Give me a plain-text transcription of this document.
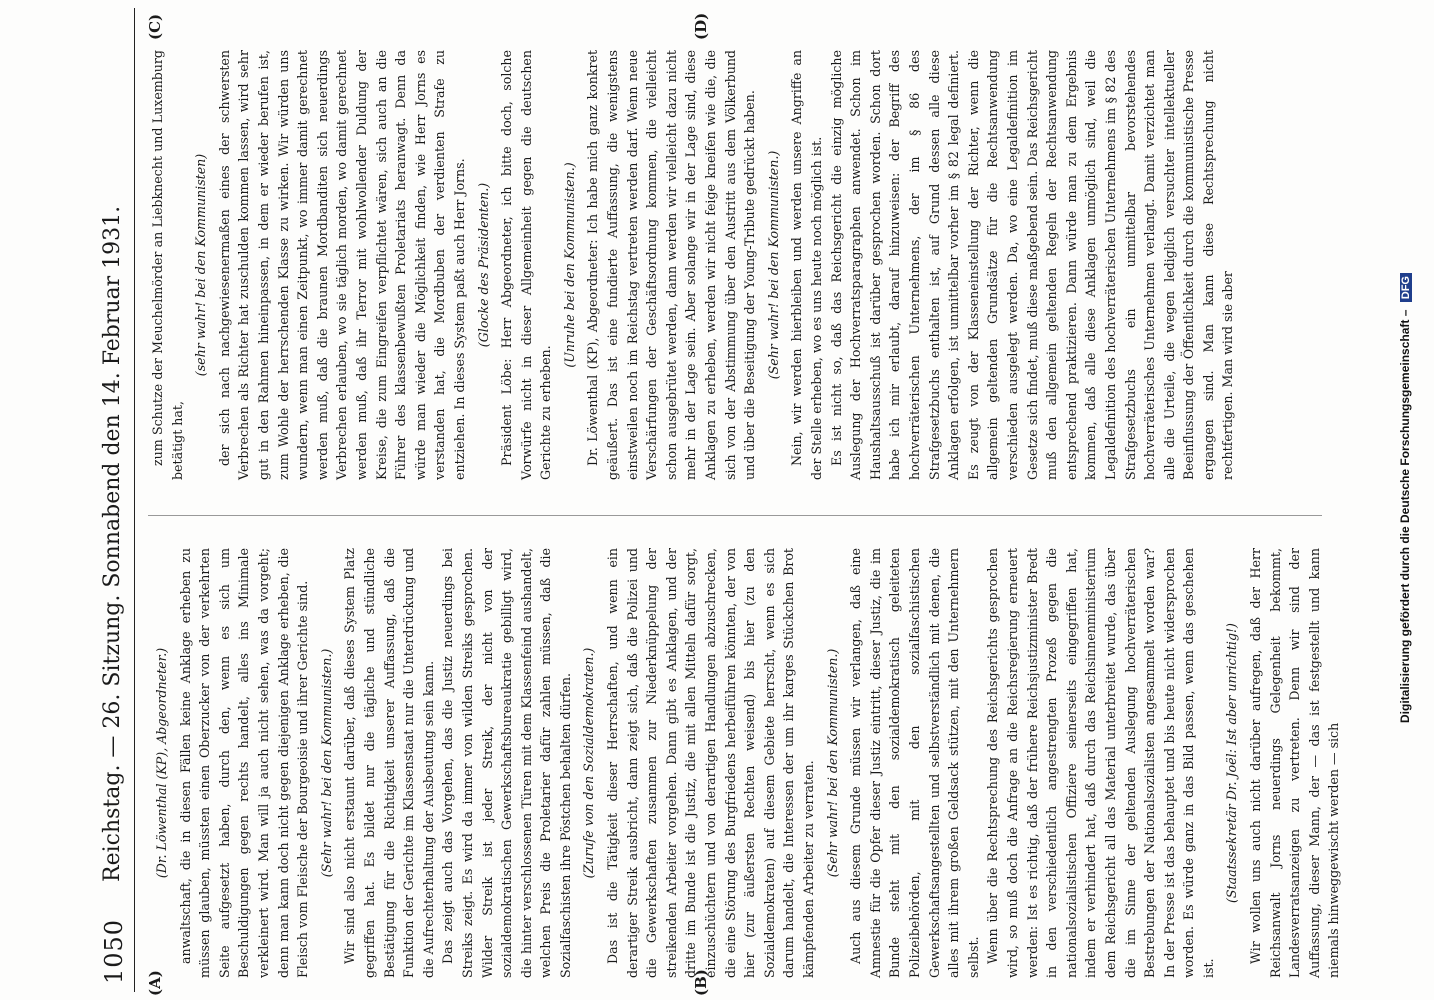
1050
Reichstag. — 26. Sitzung. Sonnabend den 14. Februar 1931.
(A)	(B)
(C)	(D)

(Dr. Löwenthal (KP), Abgeordneter.) anwaltschaft, die in diesen Fällen keine Anklage erheben zu müssen glauben, müssten einen Oberzucker von der verkehrten Seite aufgesetzt haben, durch den, wenn es sich um Beschuldigungen gegen rechts handelt, alles ins Minimale verkleinert wird. Man will ja auch nicht sehen, was da vorgeht; denn man kann doch nicht gegen diejenigen Anklage erheben, die Fleisch vom Fleische der Bourgeoisie und ihrer Gerichte sind. (Sehr wahr! bei den Kommunisten.) Wir sind also nicht erstaunt darüber, daß dieses System Platz gegriffen hat. Es bildet nur die tägliche und stündliche Bestätigung für die Richtigkeit unserer Auffassung, daß die Funktion der Gerichte im Klassenstaat nur die Unterdrückung und die Aufrechterhaltung der Ausbeutung sein kann. Das zeigt auch das Vorgehen, das die Justiz neuerdings bei Streiks zeigt. Es wird da immer von wilden Streiks gesprochen. Wilder Streik ist jeder Streik, der nicht von der sozialdemokratischen Gewerkschaftsbureaukratie gebilligt wird, die hinter verschlossenen Türen mit dem Klassenfeind aushandelt, welchen Preis die Proletarier dafür zahlen müssen, daß die Sozialfaschisten ihre Pöstchen behalten dürfen. (Zurufe von den Sozialdemokraten.) Das ist die Tätigkeit dieser Herrschaften, und wenn ein derartiger Streik ausbricht, dann zeigt sich, daß die Polizei und die Gewerkschaften zusammen zur Niederknüppelung der streikenden Arbeiter vorgehen. Dann gibt es Anklagen, und der dritte im Bunde ist die Justiz, die mit allen Mitteln dafür sorgt, einzuschüchtern und von derartigen Handlungen abzuschrecken, die eine Störung des Burgfriedens herbeiführen könnten, der von hier (zur äußersten Rechten weisend) bis hier (zu den Sozialdemokraten) auf diesem Gebiete herrscht, wenn es sich darum handelt, die Interessen der um ihr karges Stückchen Brot kämpfenden Arbeiter zu verraten. (Sehr wahr! bei den Kommunisten.) Auch aus diesem Grunde müssen wir verlangen, daß eine Amnestie für die Opfer dieser Justiz eintritt, dieser Justiz, die im Bunde steht mit den sozialdemokratisch geleiteten Polizeibehörden, mit den sozialfaschistischen Gewerkschaftsangestellten und selbstverständlich mit denen, die alles mit ihrem großen Geldsack stützen, mit den Unternehmern selbst. Wenn über die Rechtsprechung des Reichsgerichts gesprochen wird, so muß doch die Anfrage an die Reichsregierung erneuert werden: Ist es richtig, daß der frühere Reichsjustizminister Bredt in den verschiedentlich angestrengten Prozeß gegen die nationalsozialistischen Offiziere seinerseits eingegriffen hat, indem er verhindert hat, daß durch das Reichsinnenministerium dem Reichsgericht all das Material unterbreitet wurde, das über die im Sinne der geltenden Auslegung hochverräterischen Bestrebungen der Nationalsozialisten angesammelt worden war? In der Presse ist das behauptet und bis heute nicht widersprochen worden. Es würde ganz in das Bild passen, wenn das geschehen ist.

(Staatssekretär Dr. Joël: Ist aber unrichtig!) Wir wollen uns auch nicht darüber aufregen, daß der Herr Reichsanwalt Jorns neuerdings Gelegenheit bekommt, Landesverratsanzeigen zu vertreten. Denn wir sind der Auffassung, dieser Mann, der — das ist festgestellt und kann niemals hinweggewischt werden — sich

zum Schutze der Meuchelmörder an Liebknecht und Luxemburg betätigt hat,

(sehr wahr! bei den Kommunisten) der sich nach nachgewiesenermaßen eines der schwersten Verbrechen als Richter hat zuschulden kommen lassen, wird sehr gut in den Rahmen hineinpassen, in dem er wieder berufen ist, zum Wohle der herrschenden Klasse zu wirken. Wir würden uns wundern, wenn man einen Zeitpunkt, wo immer damit gerechnet werden muß, daß die braunen Mordbanditen sich neuerdings Verbrechen erlauben, wo sie täglich morden, wo damit gerechnet werden muß, daß ihr Terror mit wohlwollender Duldung der Kreise, die zum Eingreifen verpflichtet wären, sich auch an die Führer des klassenbewußten Proletariats heranwagt. Denn da würde man wieder die Möglichkeit finden, wie Herr Jorns es verstanden hat, die Mordbuben der verdienten Strafe zu entziehen. In dieses System paßt auch Herr Jorns. (Glocke des Präsidenten.) Präsident Löbe: Herr Abgeordneter, ich bitte doch, solche Vorwürfe nicht in dieser Allgemeinheit gegen die deutschen Gerichte zu erheben.

(Unruhe bei den Kommunisten.) Dr. Löwenthal (KP), Abgeordneter: Ich habe mich ganz konkret geäußert. Das ist eine fundierte Auffassung, die wenigstens einstweilen noch im Reichstag vertreten werden darf. Wenn neue Verschärfungen der Geschäftsordnung kommen, die vielleicht schon ausgebrütet werden, dann werden wir vielleicht dazu nicht mehr in der Lage sein. Aber solange wir in der Lage sind, diese Anklagen zu erheben, werden wir nicht feige kneifen wie die, die sich von der Abstimmung über den Austritt aus dem Völkerbund und über die Beseitigung der Young-Tribute gedrückt haben. (Sehr wahr! bei den Kommunisten.) Nein, wir werden hierbleiben und werden unsere Angriffe an der Stelle erheben, wo es uns heute noch möglich ist. Es ist nicht so, daß das Reichsgericht die einzig mögliche Auslegung der Hochverratsparagraphen anwendet. Schon im Haushaltsausschuß ist darüber gesprochen worden. Schon dort habe ich mir erlaubt, darauf hinzuweisen: der Begriff des hochverräterischen Unternehmens, der im § 86 des Strafgesetzbuchs enthalten ist, auf Grund dessen alle diese Anklagen erfolgen, ist unmittelbar vorher im § 82 legal definiert. Es zeugt von der Klasseneinstellung der Richter, wenn die allgemein geltenden Grundsätze für die Rechtsanwendung verschieden ausgelegt werden. Da, wo eine Legaldefinition im Gesetze sich findet, muß diese maßgebend sein. Das Reichsgericht muß den allgemein geltenden Regeln der Rechtsanwendung entsprechend praktizieren. Dann würde man zu dem Ergebnis kommen, daß alle diese Anklagen unmöglich sind, weil die Legaldefinition des hochverräterischen Unternehmens im § 82 des Strafgesetzbuchs ein unmittelbar bevorstehendes hochverräterisches Unternehmen verlangt. Damit verzichtet man alle die Urteile, die wegen lediglich versuchter intellektueller Beeinflussung der Öffentlichkeit durch die kommunistische Presse ergangen sind. Man kann diese Rechtsprechung nicht rechtfertigen. Man wird sie aber	Digitalisierung gefördert durch die Deutsche Forschungsgemeinschaft – DFG
